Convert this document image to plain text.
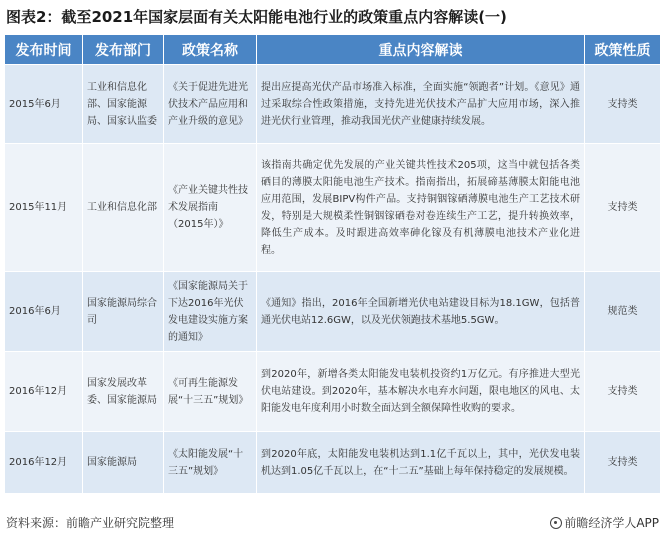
图表2：截至2021年国家层面有关太阳能电池行业的政策重点内容解读(一)
发布时间	发布部门	政策名称	重点内容解读	政策性质
2015年6月	工业和信息化部、国家能源局、国家认监委	《关于促进先进光伏技术产品应用和产业升级的意见》	提出应提高光伏产品市场准入标准，全面实施“领跑者”计划。《意见》通过采取综合性政策措施，支持先进光伏技术产品扩大应用市场，深入推进光伏行业管理，推动我国光伏产业健康持续发展。	支持类
2015年11月	工业和信息化部	《产业关键共性技术发展指南（2015年）》	该指南共确定优先发展的产业关键共性技术205项，这当中就包括各类硒目的薄膜太阳能电池生产技术。指南指出，拓展碲基薄膜太阳能电池应用范围，发展BIPV构件产品。支持铜铟镓硒薄膜电池生产工艺技术研发，特别是大规模柔性铜铟镓硒卷对卷连续生产工艺，提升转换效率，降低生产成本。及时跟进高效率砷化镓及有机薄膜电池技术产业化进程。	支持类
2016年6月	国家能源局综合司	《国家能源局关于下达2016年光伏发电建设实施方案的通知》	《通知》指出，2016年全国新增光伏电站建设目标为18.1GW，包括普通光伏电站12.6GW，以及光伏领跑技术基地5.5GW。	规范类
2016年12月	国家发展改革委、国家能源局	《可再生能源发展“十三五”规划》	到2020年，新增各类太阳能发电装机投资约1万亿元。有序推进大型光伏电站建设。到2020年，基本解决水电弃水问题，限电地区的风电、太阳能发电年度利用小时数全面达到全额保障性收购的要求。	支持类
2016年12月	国家能源局	《太阳能发展“十三五”规划》	到2020年底，太阳能发电装机达到1.1亿千瓦以上，其中，光伏发电装机达到1.05亿千瓦以上，在“十二五”基础上每年保持稳定的发展规模。	支持类
资料来源：前瞻产业研究院整理	前瞻经济学人APP
